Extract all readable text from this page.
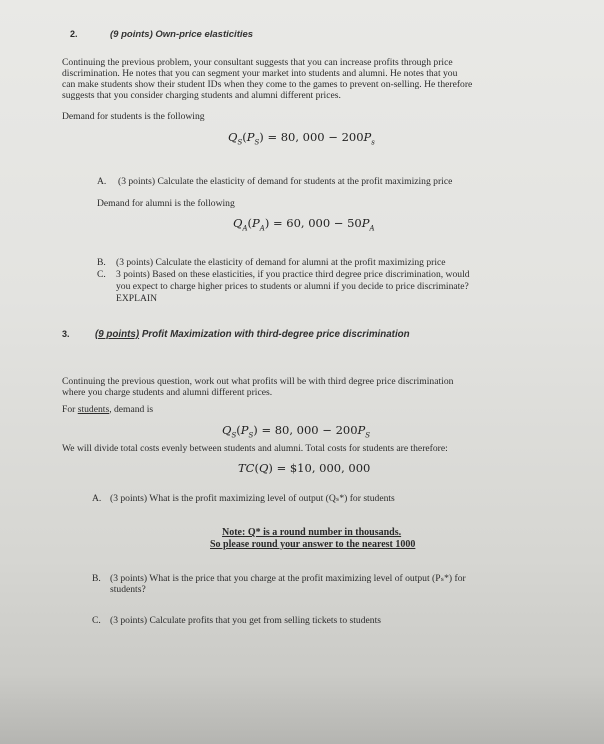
2.	(9 points) Own-price elasticities
Continuing the previous problem, your consultant suggests that you can increase profits through price
discrimination. He notes that you can segment your market into students and alumni. He notes that you
can make students show their student IDs when they come to the games to prevent on-selling. He therefore
suggests that you consider charging students and alumni different prices.
Demand for students is the following
$Q_S(P_S) = 80$, $000 - 200P_s$
A. (3 points) Calculate the elasticity of demand for students at the profit maximizing price
Demand for alumni is the following
$Q_A(P_A) = 60$, $000 - 50P_A$
B. (3 points) Calculate the elasticity of demand for alumni at the profit maximizing price
C. 3 points) Based on these elasticities, if you practice third degree price discrimination, would
you expect to charge higher prices to students or alumni if you decide to price discriminate?
EXPLAIN
3.	(9 points) Profit Maximization with third-degree price discrimination
Continuing the previous question, work out what profits will be with third degree price discrimination
where you charge students and alumni different prices.
For students, demand is
$Q_S(P_S) = 80$, $000 - 200P_S$
We will divide total costs evenly between students and alumni. Total costs for students are therefore:
TC(Q) = $10, 000, 000
A. (3 points) What is the profit maximizing level of output (Qₛ*) for students
Note: Q* is a round number in thousands.
So please round your answer to the nearest 1000
B. (3 points) What is the price that you charge at the profit maximizing level of output (Pₛ*) for
students?
C. (3 points) Calculate profits that you get from selling tickets to students
